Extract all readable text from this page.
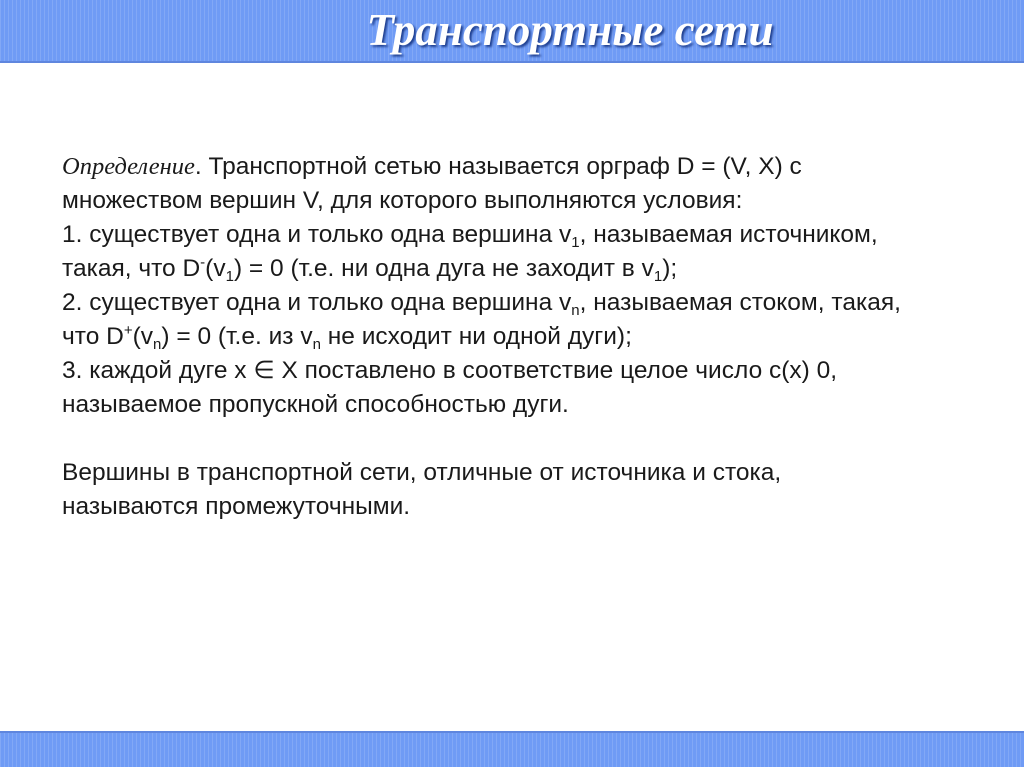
Транспортные сети
Определение. Транспортной сетью называется орграф D = (V, X) с
множеством вершин V, для которого выполняются условия:
1. существует одна и только одна вершина $v_1$, называемая источником,
такая, что $D^-(v_1) = 0$ (т.е. ни одна дуга не заходит в $v_1$);
2. существует одна и только одна вершина $v_n$, называемая стоком, такая,
что $D^+(v_n) = 0$ (т.е. из $v_n$ не исходит ни одной дуги);
3. каждой дуге x ∈ X поставлено в соответствие целое число c(x) 0,
называемое пропускной способностью дуги.
Вершины в транспортной сети, отличные от источника и стока,
называются промежуточными.
